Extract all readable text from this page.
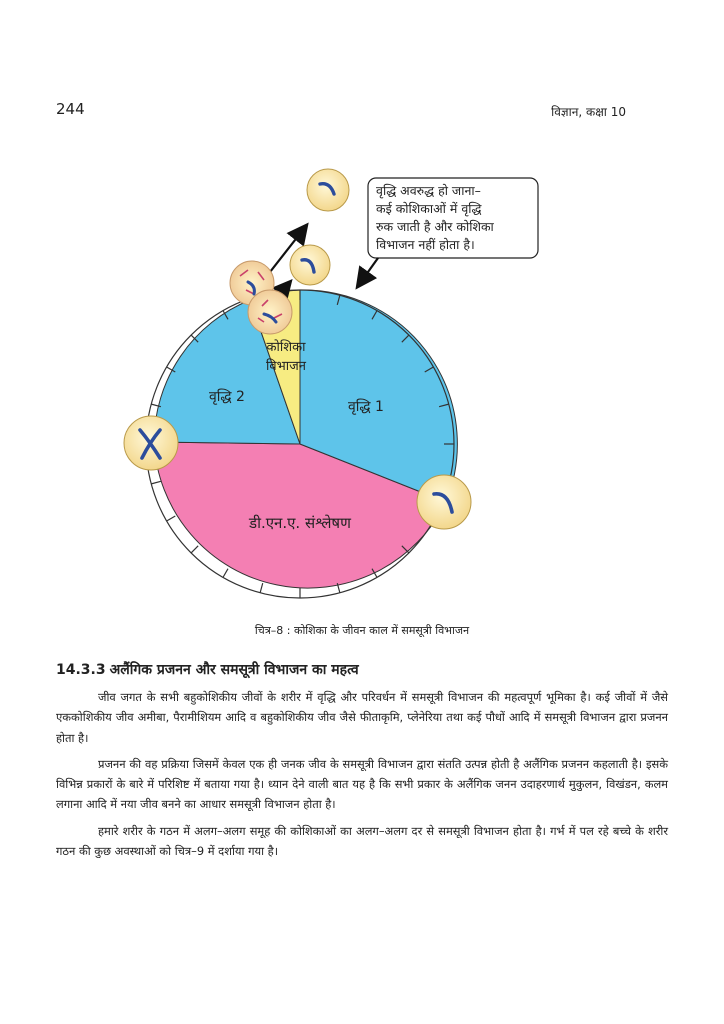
244	विज्ञान, कक्षा 10
वृद्धि 1
वृद्धि 2
डी.एन.ए. संश्लेषण
कोशिका
विभाजन
वृद्धि अवरुद्ध हो जाना–
कई कोशिकाओं में वृद्धि
रुक जाती है और कोशिका
विभाजन नहीं होता है।
चित्र–8 : कोशिका के जीवन काल में समसूत्री विभाजन
14.3.3 अलैंगिक प्रजनन और समसूत्री विभाजन का महत्व

जीव जगत के सभी बहुकोशिकीय जीवों के शरीर में वृद्धि और परिवर्धन में समसूत्री विभाजन की महत्वपूर्ण भूमिका है। कई जीवों में जैसे एककोशिकीय जीव अमीबा, पैरामीशियम आदि व बहुकोशिकीय जीव जैसे फीताकृमि, प्लेनेरिया तथा कई पौधों आदि में समसूत्री विभाजन द्वारा प्रजनन होता है।

प्रजनन की वह प्रक्रिया जिसमें केवल एक ही जनक जीव के समसूत्री विभाजन द्वारा संतति उत्पन्न होती है अलैंगिक प्रजनन कहलाती है। इसके विभिन्न प्रकारों के बारे में परिशिष्ट में बताया गया है। ध्यान देने वाली बात यह है कि सभी प्रकार के अलैंगिक जनन उदाहरणार्थ मुकुलन, विखंडन, कलम लगाना आदि में नया जीव बनने का आधार समसूत्री विभाजन होता है।

हमारे शरीर के गठन में अलग–अलग समूह की कोशिकाओं का अलग–अलग दर से समसूत्री विभाजन होता है। गर्भ में पल रहे बच्चे के शरीर गठन की कुछ अवस्थाओं को चित्र–9 में दर्शाया गया है।
